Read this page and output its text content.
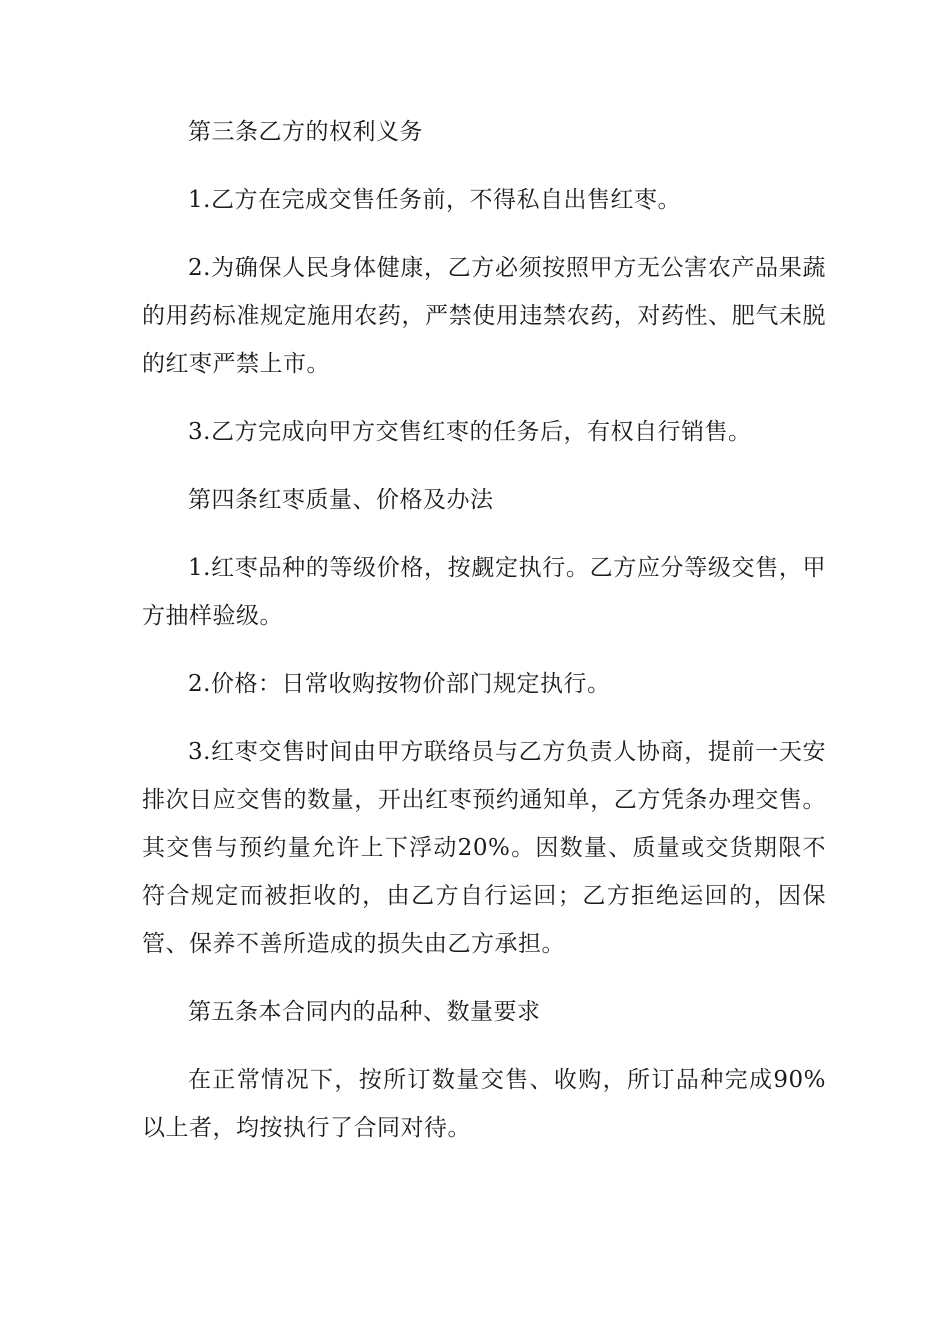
第三条乙方的权利义务

1.乙方在完成交售任务前，不得私自出售红枣。

2.为确保人民身体健康，乙方必须按照甲方无公害农产品果蔬的用药标准规定施用农药，严禁使用违禁农药，对药性、肥气未脱的红枣严禁上市。

3.乙方完成向甲方交售红枣的任务后，有权自行销售。

第四条红枣质量、价格及办法

1.红枣品种的等级价格，按觑定执行。乙方应分等级交售，甲方抽样验级。

2.价格：日常收购按物价部门规定执行。

3.红枣交售时间由甲方联络员与乙方负责人协商，提前一天安排次日应交售的数量，开出红枣预约通知单，乙方凭条办理交售。其交售与预约量允许上下浮动20%。因数量、质量或交货期限不符合规定而被拒收的，由乙方自行运回；乙方拒绝运回的，因保管、保养不善所造成的损失由乙方承担。

第五条本合同内的品种、数量要求

在正常情况下，按所订数量交售、收购，所订品种完成90%以上者，均按执行了合同对待。
